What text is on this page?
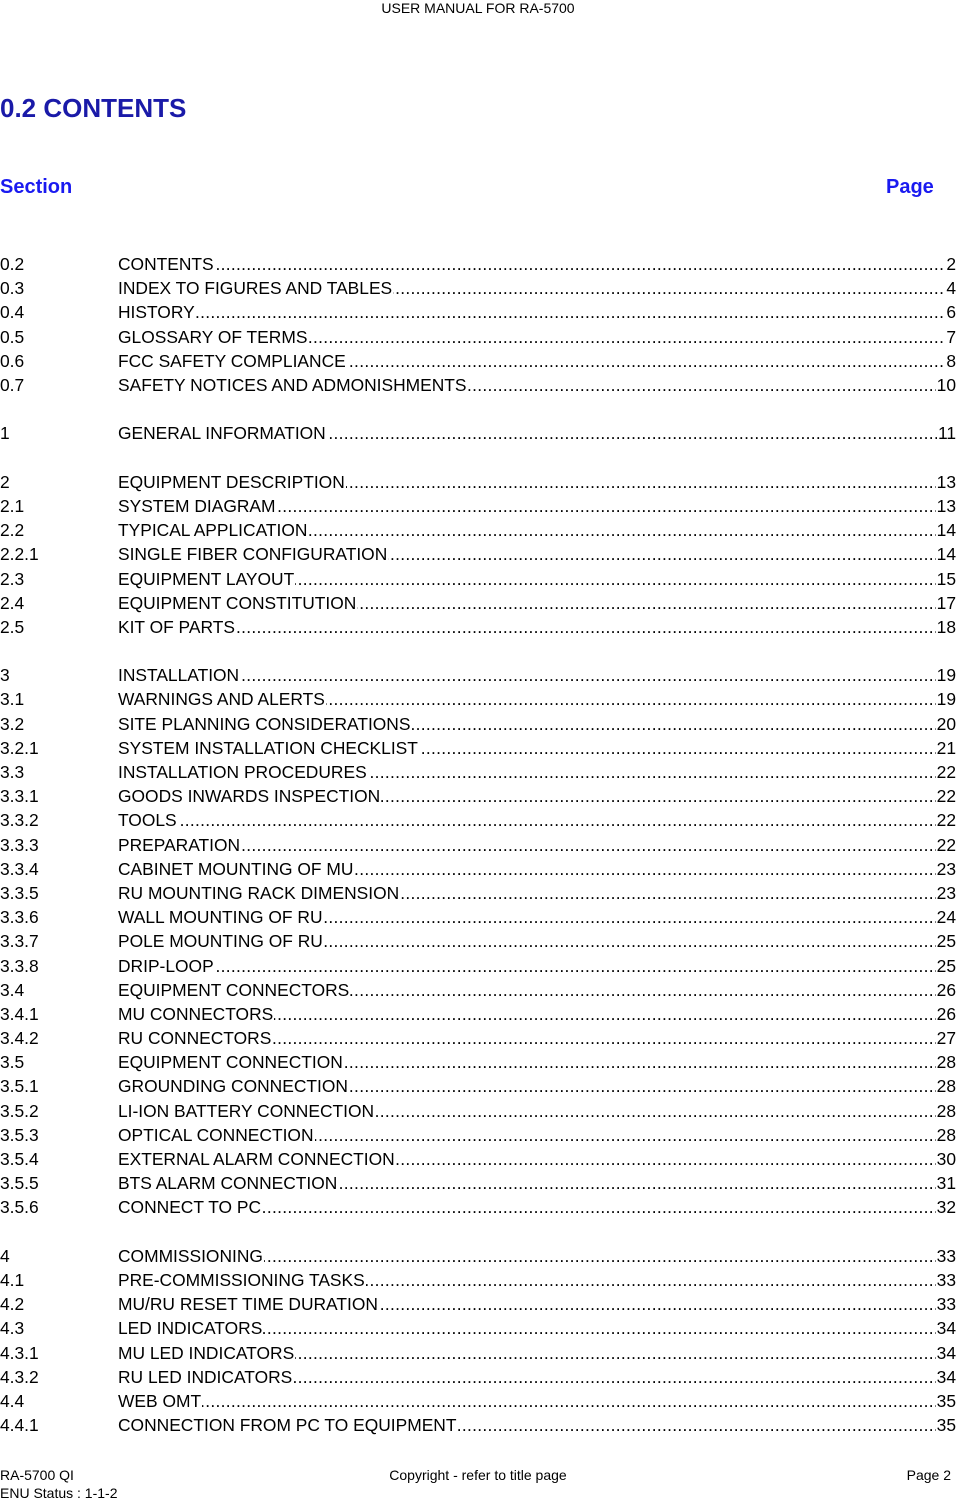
USER MANUAL FOR RA-5700
0.2 CONTENTS
Section	Page
0.2	CONTENTS .....	2
0.3	INDEX TO FIGURES AND TABLES .....	4
0.4	HISTORY .....	6
0.5	GLOSSARY OF TERMS .....	7
0.6	FCC SAFETY COMPLIANCE .....	8
0.7	SAFETY NOTICES AND ADMONISHMENTS .....	10
1	GENERAL INFORMATION .....	11
2	EQUIPMENT DESCRIPTION .....	13
2.1	SYSTEM DIAGRAM .....	13
2.2	TYPICAL APPLICATION .....	14
2.2.1	SINGLE FIBER CONFIGURATION .....	14
2.3	EQUIPMENT LAYOUT .....	15
2.4	EQUIPMENT CONSTITUTION .....	17
2.5	KIT OF PARTS .....	18
3	INSTALLATION .....	19
3.1	WARNINGS AND ALERTS .....	19
3.2	SITE PLANNING CONSIDERATIONS .....	20
3.2.1	SYSTEM INSTALLATION CHECKLIST .....	21
3.3	INSTALLATION PROCEDURES .....	22
3.3.1	GOODS INWARDS INSPECTION .....	22
3.3.2	TOOLS .....	22
3.3.3	PREPARATION .....	22
3.3.4	CABINET MOUNTING OF MU .....	23
3.3.5	RU MOUNTING RACK DIMENSION .....	23
3.3.6	WALL MOUNTING OF RU .....	24
3.3.7	POLE MOUNTING OF RU .....	25
3.3.8	DRIP-LOOP .....	25
3.4	EQUIPMENT CONNECTORS .....	26
3.4.1	MU CONNECTORS .....	26
3.4.2	RU CONNECTORS .....	27
3.5	EQUIPMENT CONNECTION .....	28
3.5.1	GROUNDING CONNECTION .....	28
3.5.2	LI-ION BATTERY CONNECTION .....	28
3.5.3	OPTICAL CONNECTION .....	28
3.5.4	EXTERNAL ALARM CONNECTION .....	30
3.5.5	BTS ALARM CONNECTION .....	31
3.5.6	CONNECT TO PC .....	32
4	COMMISSIONING .....	33
4.1	PRE-COMMISSIONING TASKS .....	33
4.2	MU/RU RESET TIME DURATION .....	33
4.3	LED INDICATORS .....	34
4.3.1	MU LED INDICATORS .....	34
4.3.2	RU LED INDICATORS .....	34
4.4	WEB OMT .....	35
4.4.1	CONNECTION FROM PC TO EQUIPMENT .....	35
RA-5700 QI	Copyright - refer to title page	Page 2
ENU Status : 1-1-2
